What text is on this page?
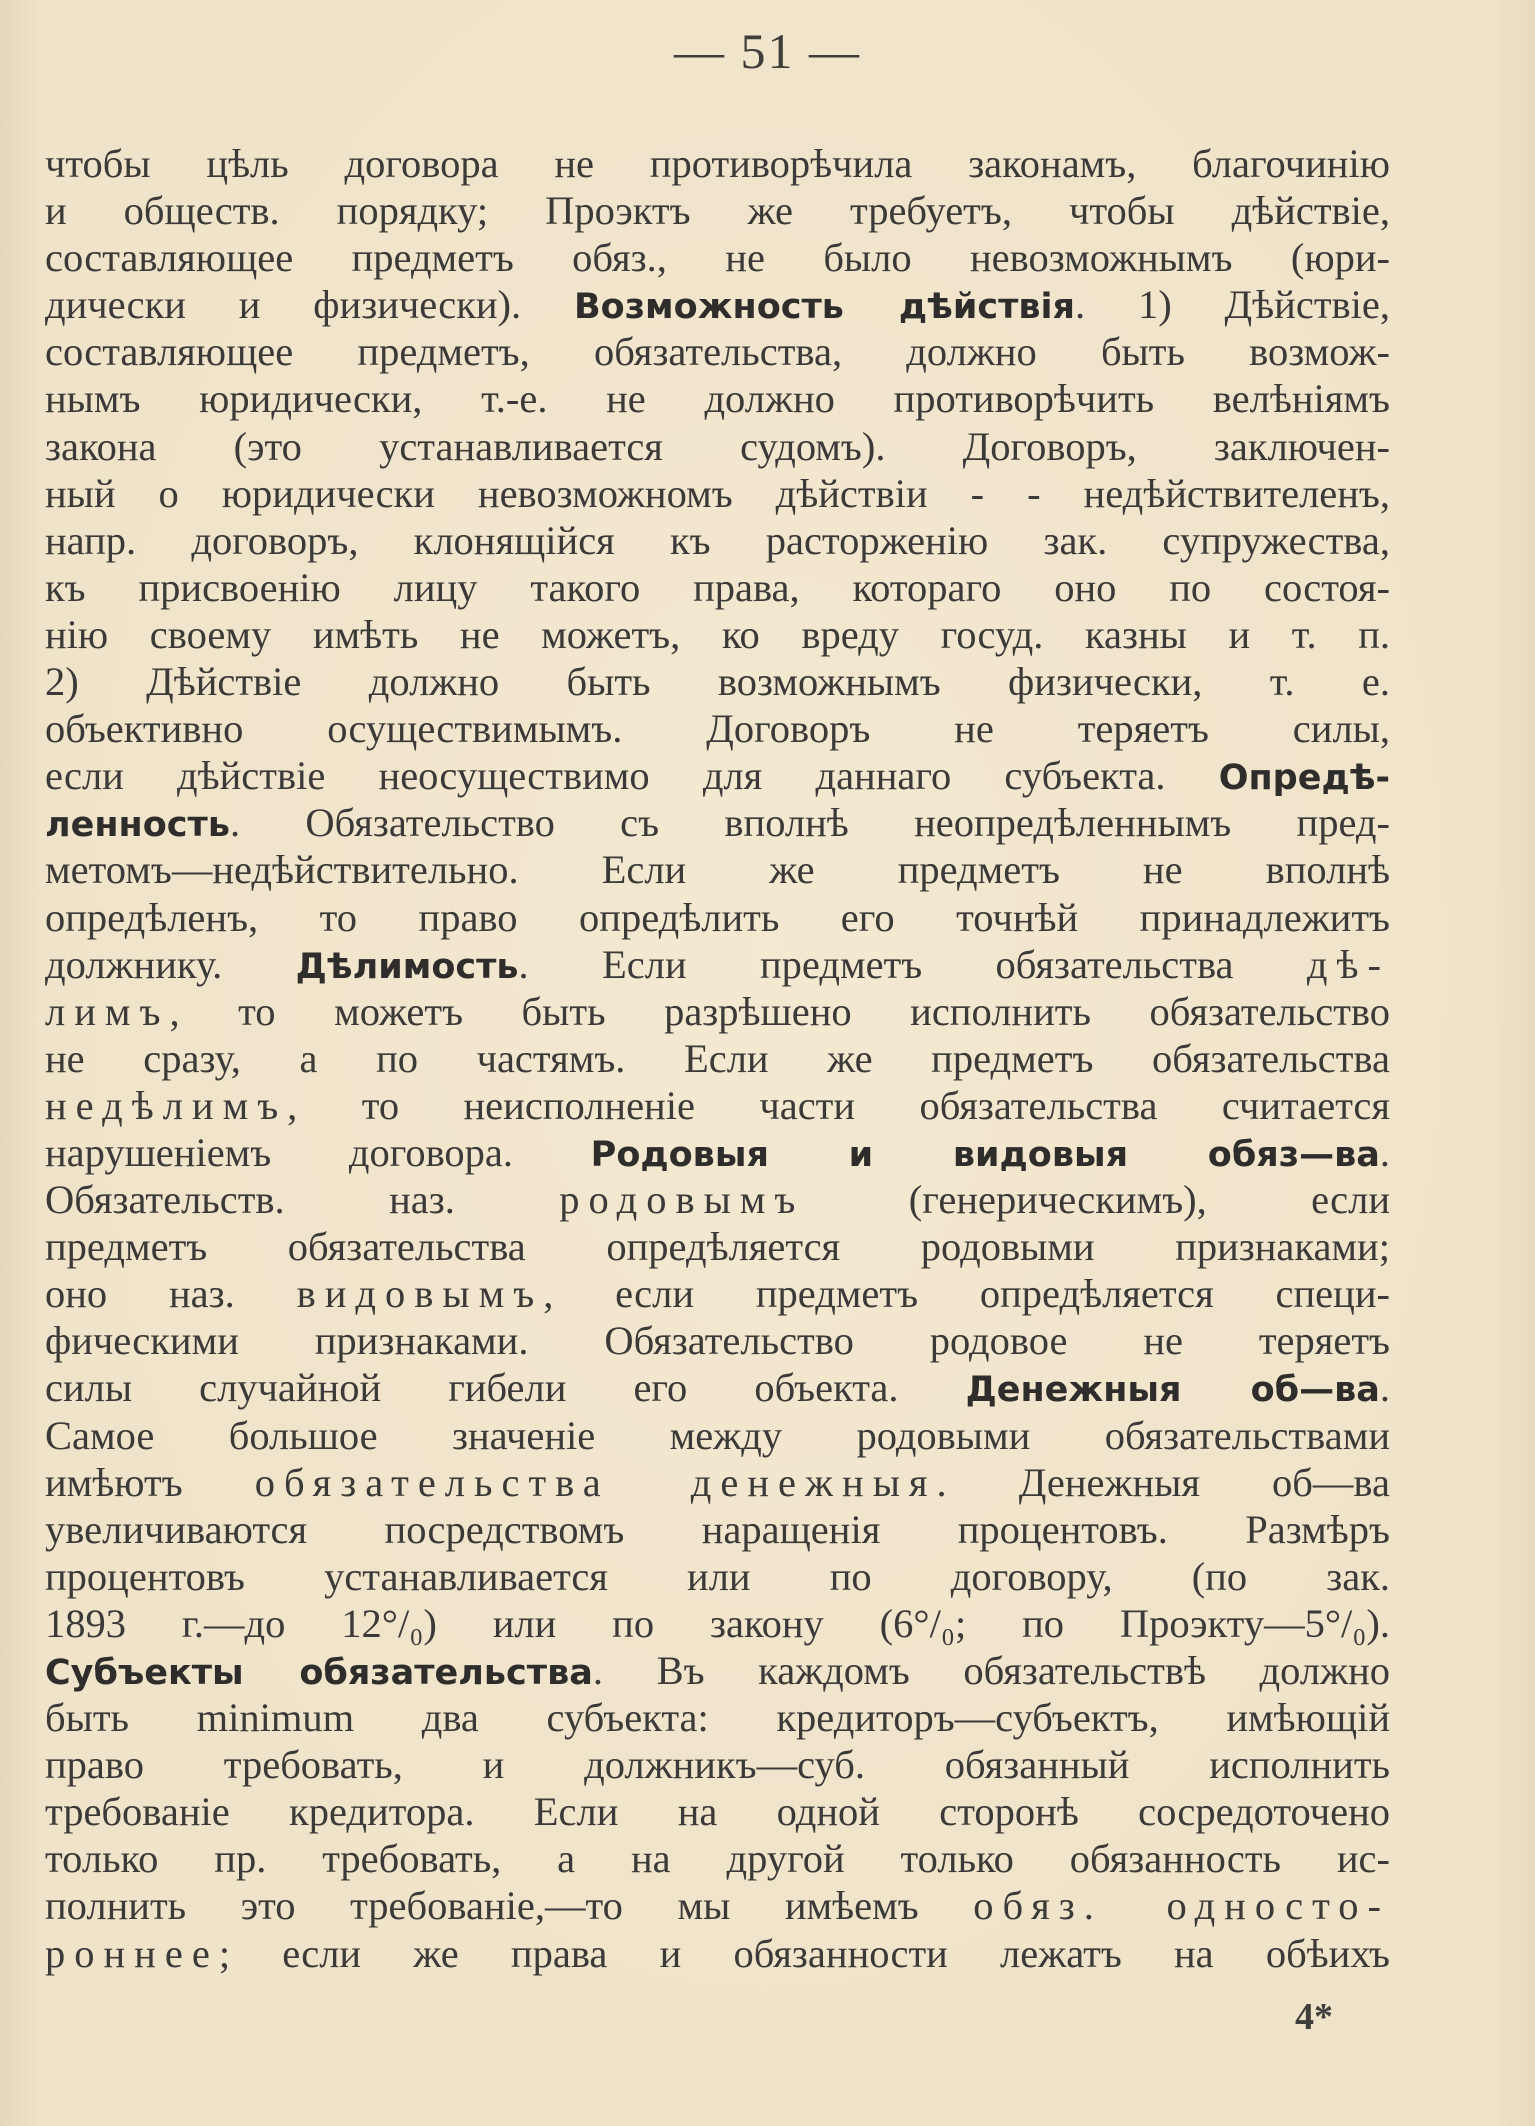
— 51 —
чтобы цѣль договора не противорѣчила законамъ, благочинію
и обществ. порядку; Проэктъ же требуетъ, чтобы дѣйствіе,
составляющее предметъ обяз., не было невозможнымъ (юри-
дически и физически). Возможность дѣйствія. 1) Дѣйствіе,
составляющее предметъ, обязательства, должно быть возмож-
нымъ юридически, т.-е. не должно противорѣчить велѣніямъ
закона (это устанавливается судомъ). Договоръ, заключен-
ный о юридически невозможномъ дѣйствіи - - недѣйствителенъ,
напр. договоръ, клонящійся къ расторженію зак. супружества,
къ присвоенію лицу такого права, котораго оно по состоя-
нію своему имѣть не можетъ, ко вреду госуд. казны и т. п.
2) Дѣйствіе должно быть возможнымъ физически, т. е.
объективно осуществимымъ. Договоръ не теряетъ силы,
если дѣйствіе неосуществимо для даннаго субъекта. Опредѣ-
ленность. Обязательство съ вполнѣ неопредѣленнымъ пред-
метомъ—недѣйствительно. Если же предметъ не вполнѣ
опредѣленъ, то право опредѣлить его точнѣй принадлежитъ
должнику. Дѣлимость. Если предметъ обязательства дѣ-
лимъ, то можетъ быть разрѣшено исполнить обязательство
не сразу, а по частямъ. Если же предметъ обязательства
недѣлимъ, то неисполненіе части обязательства считается
нарушеніемъ договора. Родовыя и видовыя обяз—ва.
Обязательств. наз. родовымъ (генерическимъ), если
предметъ обязательства опредѣляется родовыми признаками;
оно наз. видовымъ, если предметъ опредѣляется специ-
фическими признаками. Обязательство родовое не теряетъ
силы случайной гибели его объекта. Денежныя об—ва.
Самое большое значеніе между родовыми обязательствами
имѣютъ обязательства денежныя. Денежныя об—ва
увеличиваются посредствомъ наращенія процентовъ. Размѣръ
процентовъ устанавливается или по договору, (по зак.
1893 г.—до 12°/₀) или по закону (6°/₀; по Проэкту—5°/₀).
Субъекты обязательства. Въ каждомъ обязательствѣ должно
быть minimum два субъекта: кредиторъ—субъектъ, имѣющій
право требовать, и должникъ—суб. обязанный исполнить
требованіе кредитора. Если на одной сторонѣ сосредоточено
только пр. требовать, а на другой только обязанность ис-
полнить это требованіе,—то мы имѣемъ обяз. односто-
роннее; если же права и обязанности лежатъ на обѣихъ
4*
